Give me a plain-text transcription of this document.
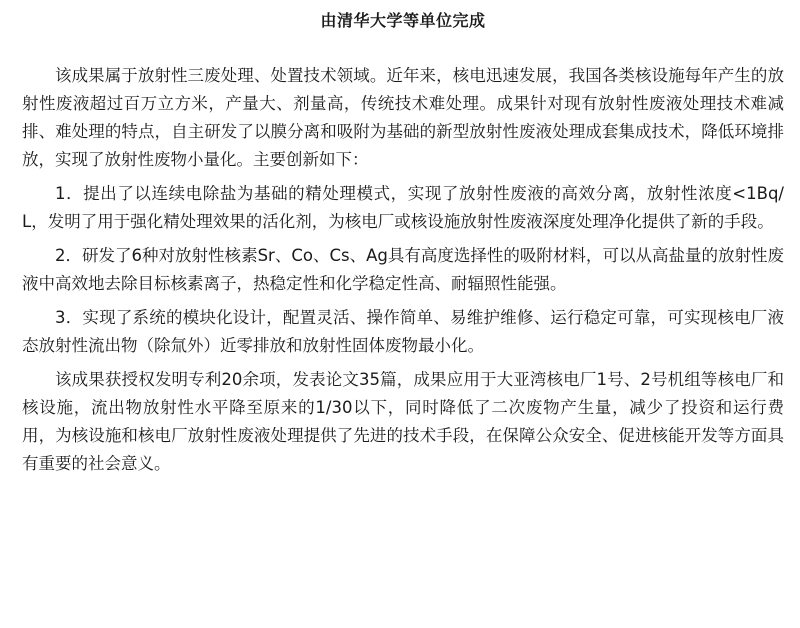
由清华大学等单位完成

该成果属于放射性三废处理、处置技术领域。近年来，核电迅速发展，我国各类核设施每年产生的放射性废液超过百万立方米，产量大、剂量高，传统技术难处理。成果针对现有放射性废液处理技术难减排、难处理的特点，自主研发了以膜分离和吸附为基础的新型放射性废液处理成套集成技术，降低环境排放，实现了放射性废物小量化。主要创新如下：

1．提出了以连续电除盐为基础的精处理模式，实现了放射性废液的高效分离，放射性浓度<1Bq/L，发明了用于强化精处理效果的活化剂，为核电厂或核设施放射性废液深度处理净化提供了新的手段。

2．研发了6种对放射性核素Sr、Co、Cs、Ag具有高度选择性的吸附材料，可以从高盐量的放射性废液中高效地去除目标核素离子，热稳定性和化学稳定性高、耐辐照性能强。

3．实现了系统的模块化设计，配置灵活、操作简单、易维护维修、运行稳定可靠，可实现核电厂液态放射性流出物（除氚外）近零排放和放射性固体废物最小化。

该成果获授权发明专利20余项，发表论文35篇，成果应用于大亚湾核电厂1号、2号机组等核电厂和核设施，流出物放射性水平降至原来的1/30以下，同时降低了二次废物产生量，减少了投资和运行费用，为核设施和核电厂放射性废液处理提供了先进的技术手段，在保障公众安全、促进核能开发等方面具有重要的社会意义。
